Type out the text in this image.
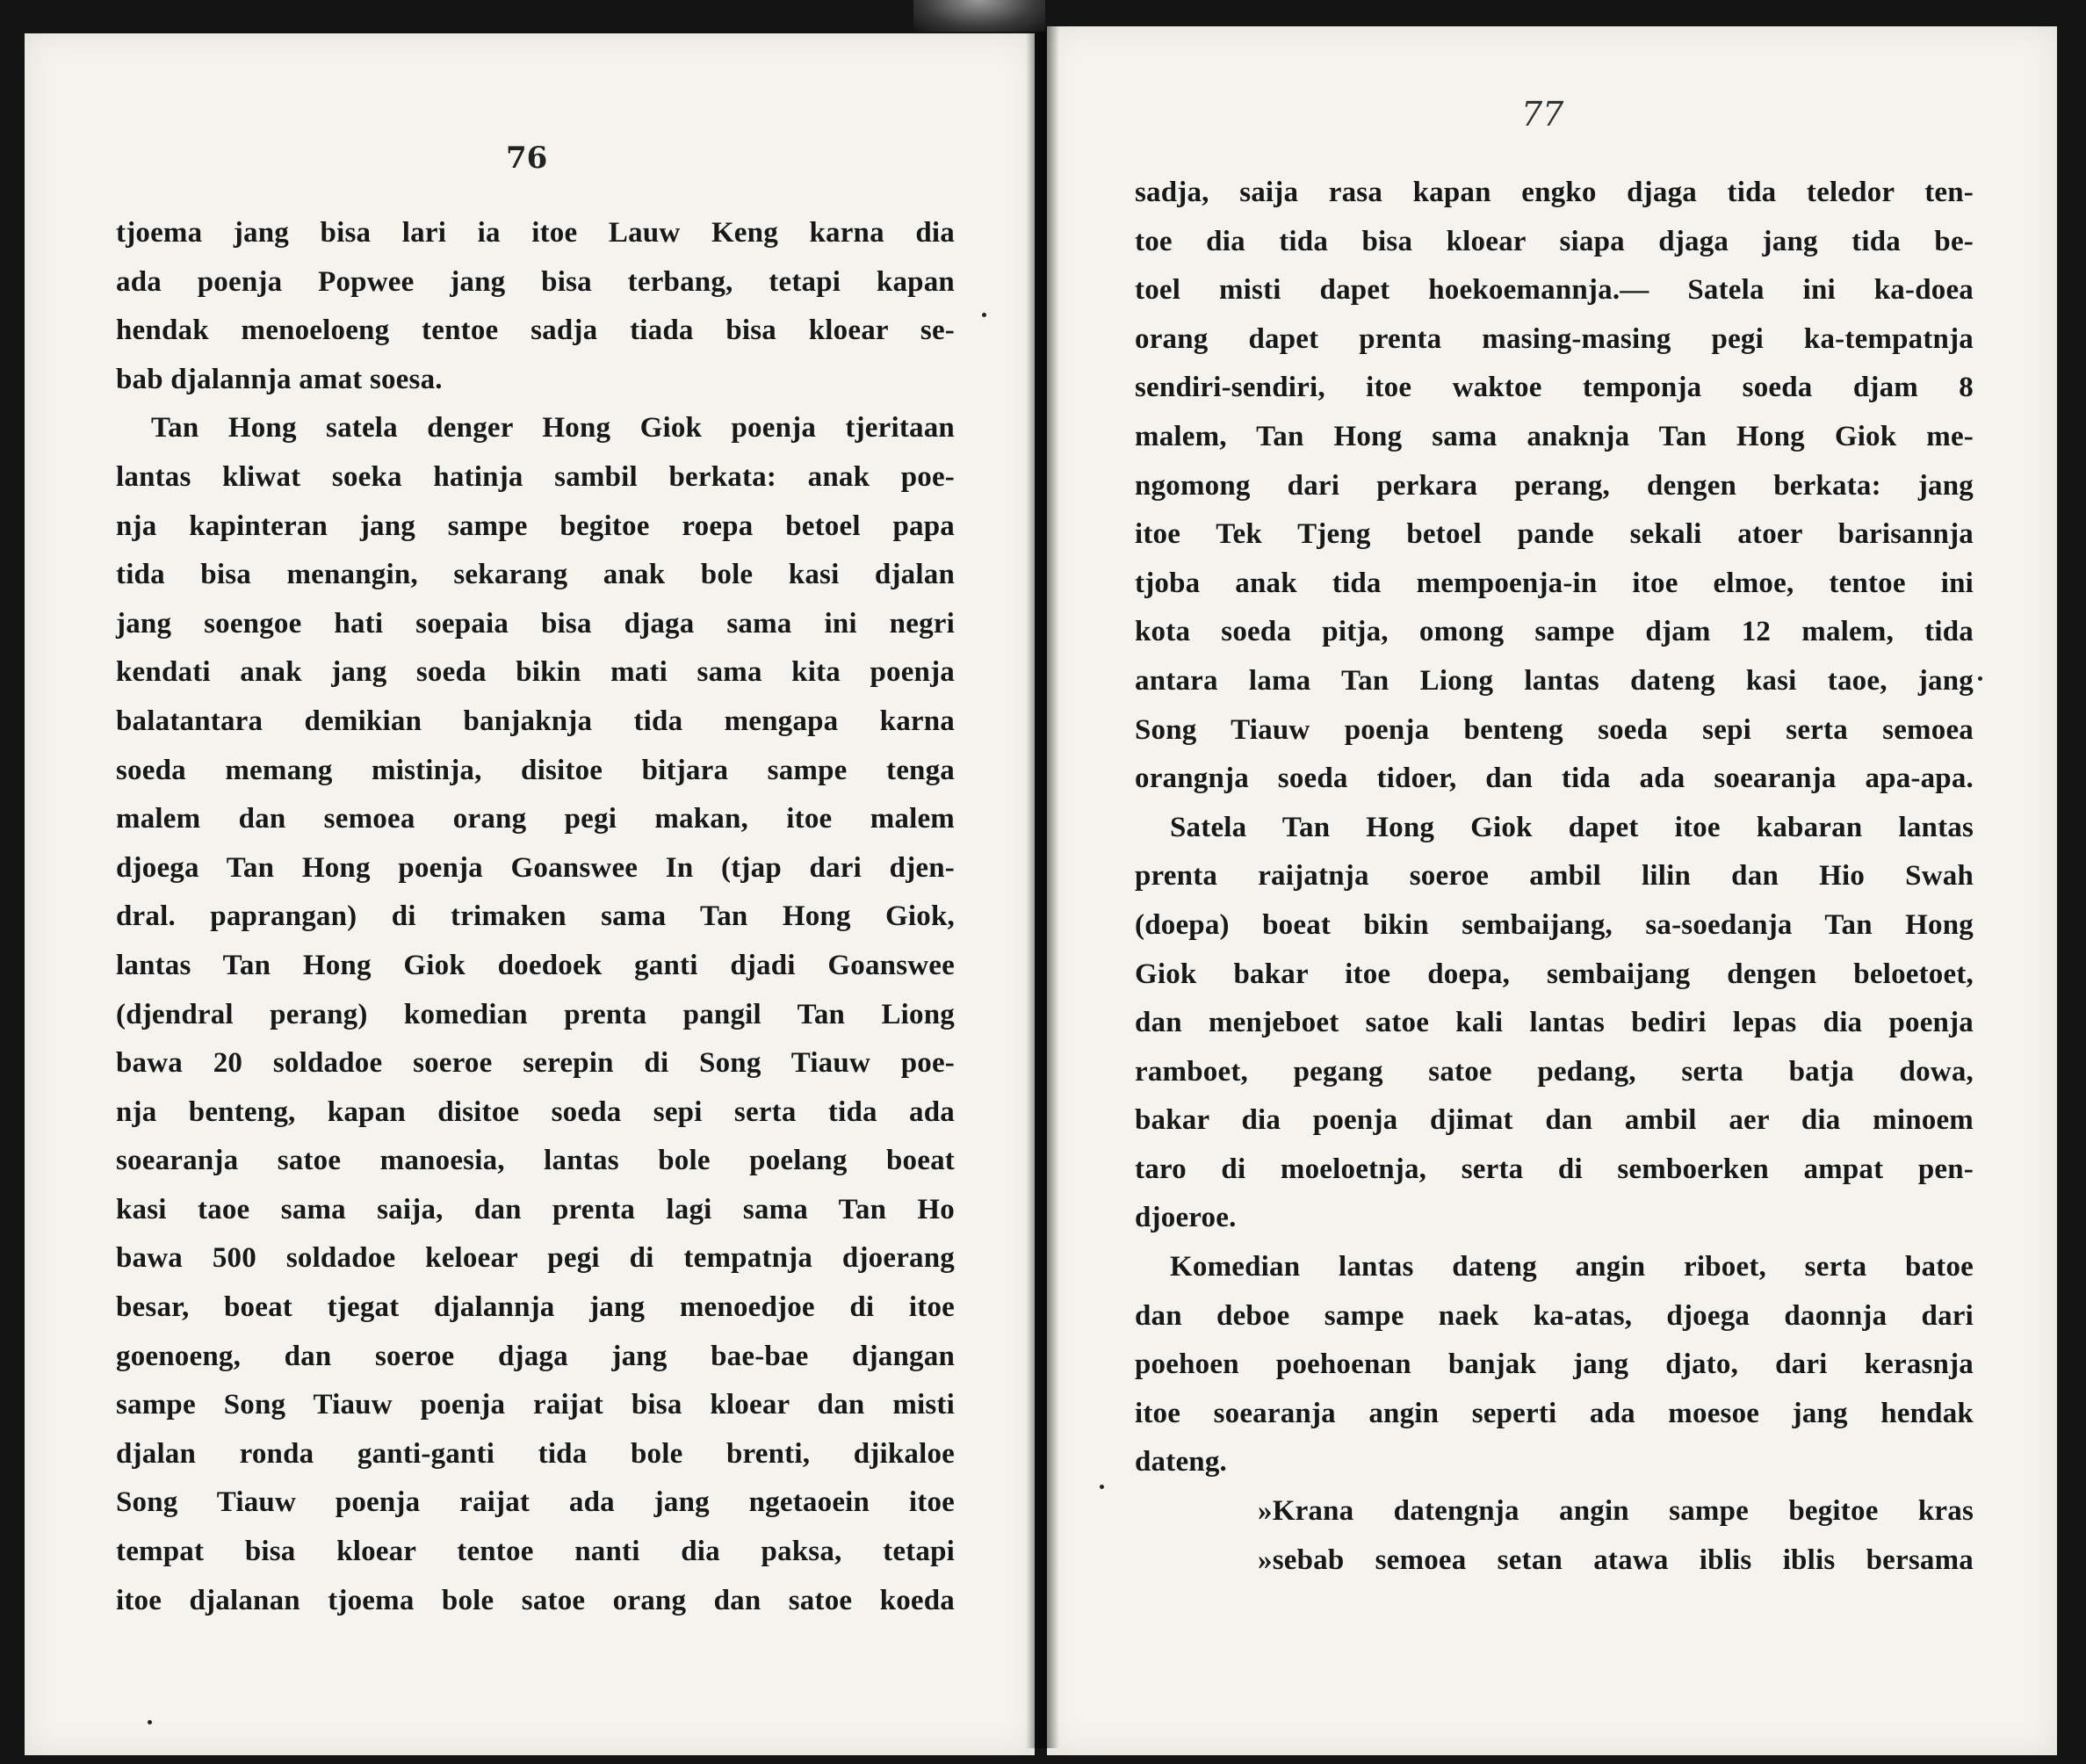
76
tjoema jang bisa lari ia itoe Lauw Keng karna dia
ada poenja Popwee jang bisa terbang, tetapi kapan
hendak menoeloeng tentoe sadja tiada bisa kloear se-
bab djalannja amat soesa.
Tan Hong satela denger Hong Giok poenja tjeritaan
lantas kliwat soeka hatinja sambil berkata: anak poe-
nja kapinteran jang sampe begitoe roepa betoel papa
tida bisa menangin, sekarang anak bole kasi djalan
jang soengoe hati soepaia bisa djaga sama ini negri
kendati anak jang soeda bikin mati sama kita poenja
balatantara demikian banjaknja tida mengapa karna
soeda memang mistinja, disitoe bitjara sampe tenga
malem dan semoea orang pegi makan, itoe malem
djoega Tan Hong poenja Goanswee In (tjap dari djen-
dral. paprangan) di trimaken sama Tan Hong Giok,
lantas Tan Hong Giok doedoek ganti djadi Goanswee
(djendral perang) komedian prenta pangil Tan Liong
bawa 20 soldadoe soeroe serepin di Song Tiauw poe-
nja benteng, kapan disitoe soeda sepi serta tida ada
soearanja satoe manoesia, lantas bole poelang boeat
kasi taoe sama saija, dan prenta lagi sama Tan Ho
bawa 500 soldadoe keloear pegi di tempatnja djoerang
besar, boeat tjegat djalannja jang menoedjoe di itoe
goenoeng, dan soeroe djaga jang bae-bae djangan
sampe Song Tiauw poenja raijat bisa kloear dan misti
djalan ronda ganti-ganti tida bole brenti, djikaloe
Song Tiauw poenja raijat ada jang ngetaoein itoe
tempat bisa kloear tentoe nanti dia paksa, tetapi
itoe djalanan tjoema bole satoe orang dan satoe koeda
77
sadja, saija rasa kapan engko djaga tida teledor ten-
toe dia tida bisa kloear siapa djaga jang tida be-
toel misti dapet hoekoemannja.— Satela ini ka-doea
orang dapet prenta masing-masing pegi ka-tempatnja
sendiri-sendiri, itoe waktoe temponja soeda djam 8
malem, Tan Hong sama anaknja Tan Hong Giok me-
ngomong dari perkara perang, dengen berkata: jang
itoe Tek Tjeng betoel pande sekali atoer barisannja
tjoba anak tida mempoenja-in itoe elmoe, tentoe ini
kota soeda pitja, omong sampe djam 12 malem, tida
antara lama Tan Liong lantas dateng kasi taoe, jang
Song Tiauw poenja benteng soeda sepi serta semoea
orangnja soeda tidoer, dan tida ada soearanja apa-apa.
Satela Tan Hong Giok dapet itoe kabaran lantas
prenta raijatnja soeroe ambil lilin dan Hio Swah
(doepa) boeat bikin sembaijang, sa-soedanja Tan Hong
Giok bakar itoe doepa, sembaijang dengen beloetoet,
dan menjeboet satoe kali lantas bediri lepas dia poenja
ramboet, pegang satoe pedang, serta batja dowa,
bakar dia poenja djimat dan ambil aer dia minoem
taro di moeloetnja, serta di semboerken ampat pen-
djoeroe.
Komedian lantas dateng angin riboet, serta batoe
dan deboe sampe naek ka-atas, djoega daonnja dari
poehoen poehoenan banjak jang djato, dari kerasnja
itoe soearanja angin seperti ada moesoe jang hendak
dateng.
»Krana datengnja angin sampe begitoe kras
»sebab semoea setan atawa iblis iblis bersama
